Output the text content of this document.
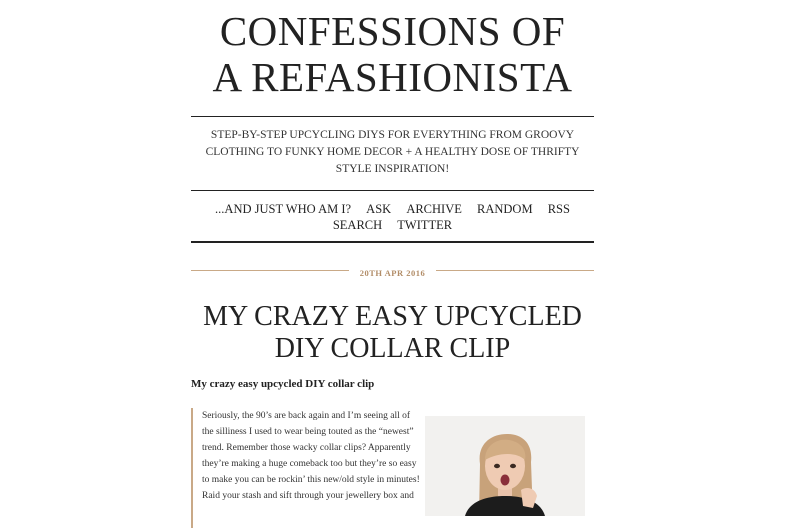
CONFESSIONS OF
A REFASHIONISTA

STEP-BY-STEP UPCYCLING DIYS FOR EVERYTHING FROM GROOVY CLOTHING TO FUNKY HOME DECOR + A HEALTHY DOSE OF THRIFTY STYLE INSPIRATION!

...AND JUST WHO AM I? ASK ARCHIVE RANDOM RSS
SEARCH TWITTER
20TH APR 2016
MY CRAZY EASY UPCYCLED
DIY COLLAR CLIP

My crazy easy upcycled DIY collar clip

Seriously, the 90’s are back again and I’m seeing all of the silliness I used to wear being touted as the “newest” trend. Remember those wacky collar clips? Apparently they’re making a huge comeback too but they’re so easy to make you can be rockin’ this new/old style in minutes! Raid your stash and sift through your jewellery box and
